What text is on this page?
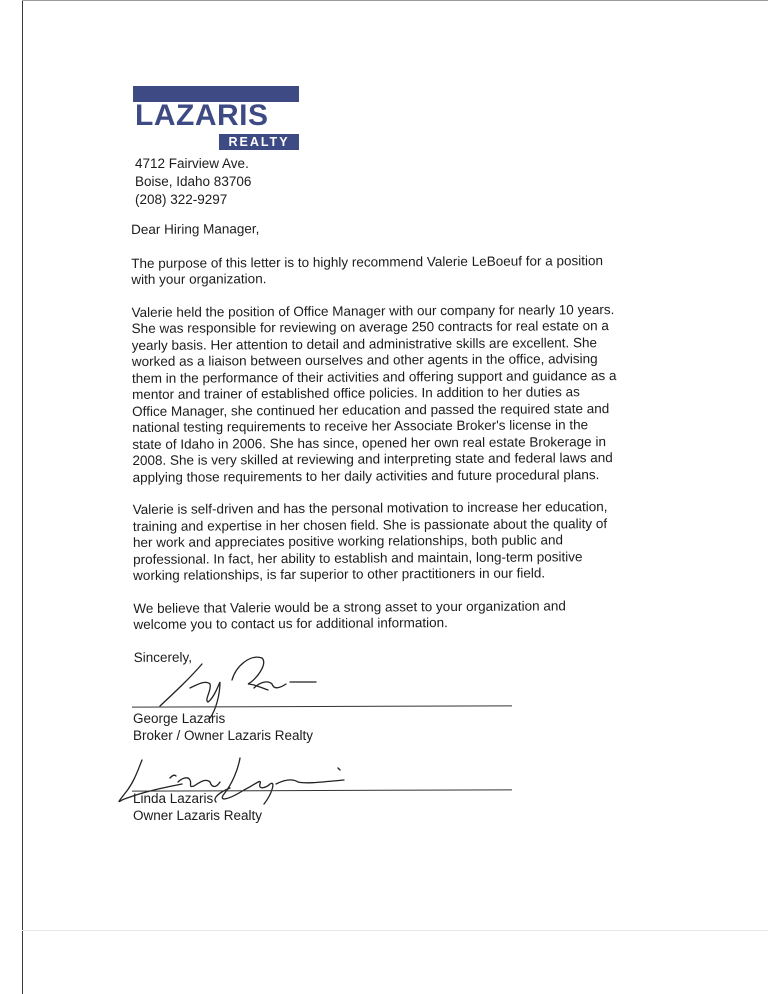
LAZARIS
REALTY
4712 Fairview Ave.
Boise, Idaho 83706
(208) 322-9297

Dear Hiring Manager,

The purpose of this letter is to highly recommend Valerie LeBoeuf for a position
with your organization.

Valerie held the position of Office Manager with our company for nearly 10 years.
She was responsible for reviewing on average 250 contracts for real estate on a
yearly basis. Her attention to detail and administrative skills are excellent. She
worked as a liaison between ourselves and other agents in the office, advising
them in the performance of their activities and offering support and guidance as a
mentor and trainer of established office policies. In addition to her duties as
Office Manager, she continued her education and passed the required state and
national testing requirements to receive her Associate Broker's license in the
state of Idaho in 2006. She has since, opened her own real estate Brokerage in
2008. She is very skilled at reviewing and interpreting state and federal laws and
applying those requirements to her daily activities and future procedural plans.

Valerie is self-driven and has the personal motivation to increase her education,
training and expertise in her chosen field. She is passionate about the quality of
her work and appreciates positive working relationships, both public and
professional. In fact, her ability to establish and maintain, long-term positive
working relationships, is far superior to other practitioners in our field.

We believe that Valerie would be a strong asset to your organization and
welcome you to contact us for additional information.

Sincerely,

George Lazaris
Broker / Owner Lazaris Realty
Linda Lazaris
Owner Lazaris Realty
